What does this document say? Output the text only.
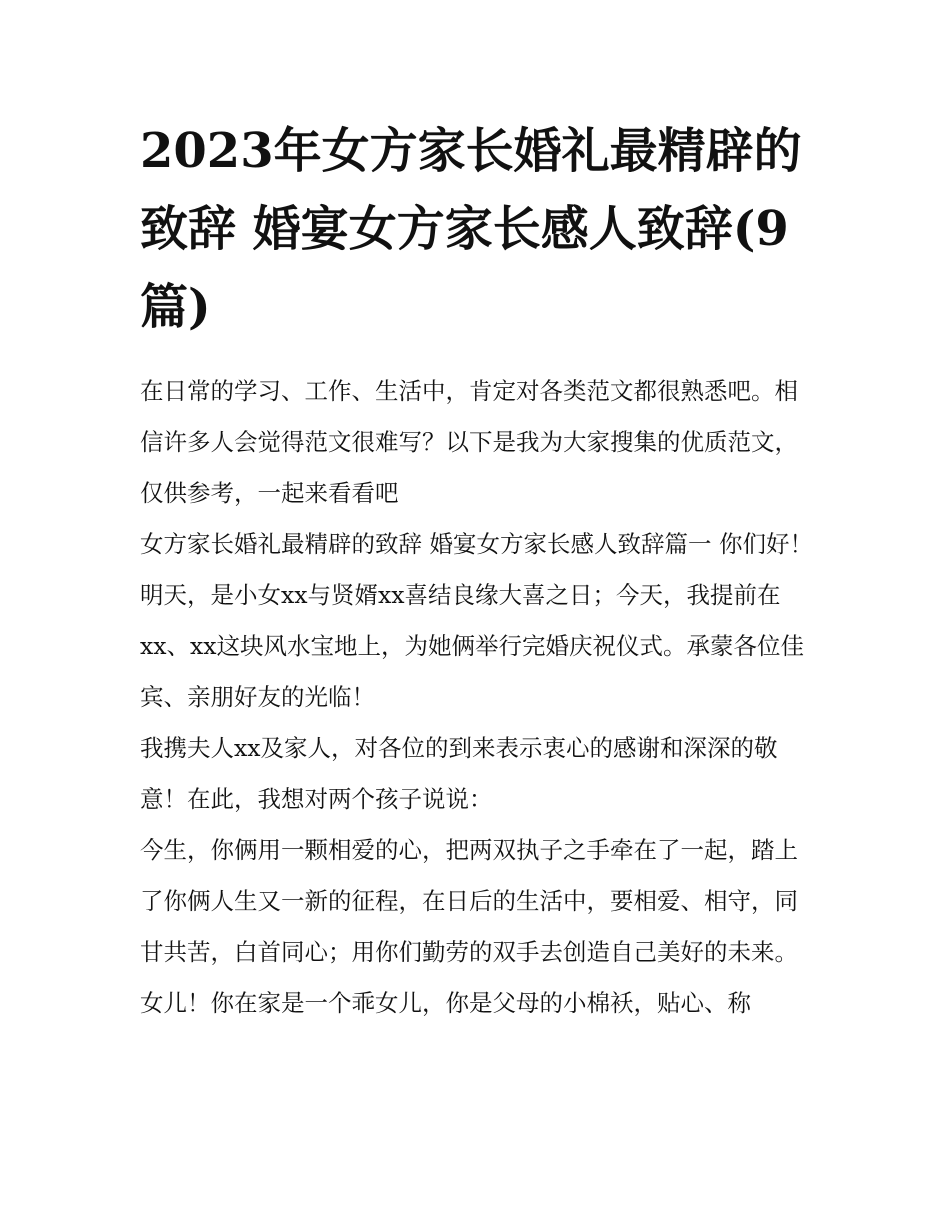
2023年女方家长婚礼最精辟的致辞 婚宴女方家长感人致辞(9篇)

在日常的学习、工作、生活中，肯定对各类范文都很熟悉吧。相信许多人会觉得范文很难写？以下是我为大家搜集的优质范文，仅供参考，一起来看看吧

女方家长婚礼最精辟的致辞 婚宴女方家长感人致辞篇一 你们好！

明天，是小女xx与贤婿xx喜结良缘大喜之日；今天，我提前在xx、xx这块风水宝地上，为她俩举行完婚庆祝仪式。承蒙各位佳宾、亲朋好友的光临！

我携夫人xx及家人，对各位的到来表示衷心的感谢和深深的敬意！在此，我想对两个孩子说说：

今生，你俩用一颗相爱的心，把两双执子之手牵在了一起，踏上了你俩人生又一新的征程，在日后的生活中，要相爱、相守，同甘共苦，白首同心；用你们勤劳的双手去创造自己美好的未来。

女儿！你在家是一个乖女儿，你是父母的小棉袄，贴心、称
